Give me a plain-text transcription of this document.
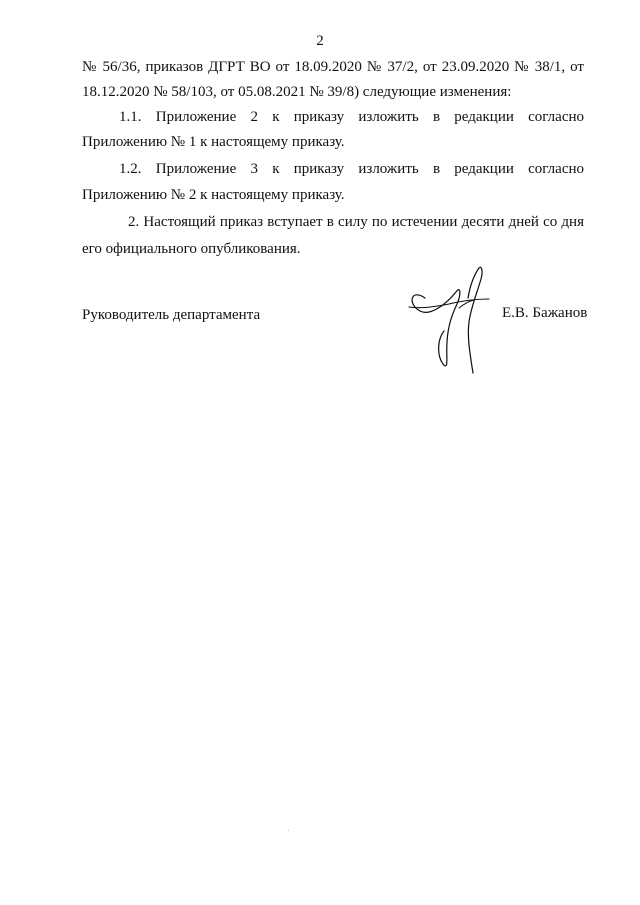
2
№ 56/36, приказов ДГРТ ВО от 18.09.2020 № 37/2, от 23.09.2020 № 38/1, от
18.12.2020 № 58/103, от 05.08.2021 № 39/8) следующие изменения:
1.1. Приложение 2 к приказу изложить в редакции согласно
Приложению № 1 к настоящему приказу.
1.2. Приложение 3 к приказу изложить в редакции согласно
Приложению № 2 к настоящему приказу.
2. Настоящий приказ вступает в силу по истечении десяти дней со дня
его официального опубликования.
Руководитель департамента	Е.В. Бажанов
